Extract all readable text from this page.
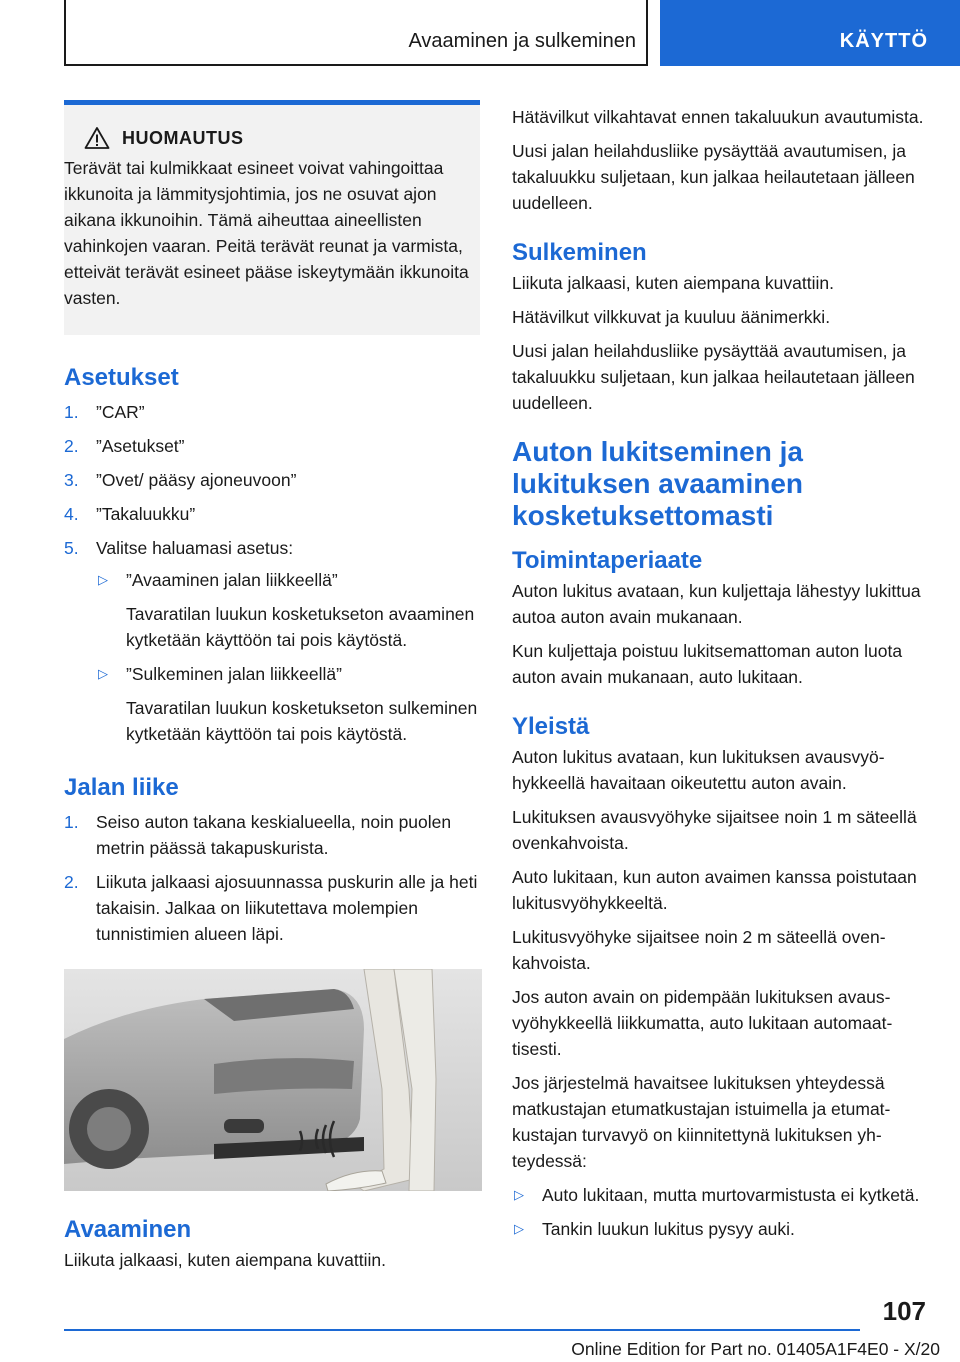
Avaaminen ja sulkeminen	KÄYTTÖ
HUOMAUTUS
Terävät tai kulmikkaat esineet voivat vahingoittaa ikkunoita ja lämmitysjohtimia, jos ne osuvat ajon aikana ikkunoihin. Tämä aiheuttaa aineellisten vahinkojen vaaran. Peitä terävät reunat ja varmista, etteivät terävät esineet pääse iskeytymään ikkunoita vasten.
Asetukset
1. ”CAR”
2. ”Asetukset”
3. ”Ovet/ pääsy ajoneuvoon”
4. ”Takaluukku”
5. Valitse haluamasi asetus:
▷	”Avaaminen jalan liikkeellä”
Tavaratilan luukun kosketukseton avaaminen kytketään käyttöön tai pois käytöstä.
▷	”Sulkeminen jalan liikkeellä”
Tavaratilan luukun kosketukseton sulkeminen kytketään käyttöön tai pois käytöstä.
Jalan liike
1. Seiso auton takana keskialueella, noin puolen metrin päässä takapuskurista.
2. Liikuta jalkaasi ajosuunnassa puskurin alle ja heti takaisin. Jalkaa on liikutettava molempien tunnistimien alueen läpi.
Avaaminen

Liikuta jalkaasi, kuten aiempana kuvattiin.

Hätävilkut vilkahtavat ennen takaluukun avautumista.

Uusi jalan heilahdusliike pysäyttää avautumisen, ja takaluukku suljetaan, kun jalkaa heilautetaan jälleen uudelleen.

Sulkeminen

Liikuta jalkaasi, kuten aiempana kuvattiin.

Hätävilkut vilkkuvat ja kuuluu äänimerkki.

Uusi jalan heilahdusliike pysäyttää avautumisen, ja takaluukku suljetaan, kun jalkaa heilautetaan jälleen uudelleen.

Auton lukitseminen ja lukituksen avaaminen kosketuksettomasti
Toimintaperiaate

Auton lukitus avataan, kun kuljettaja lähestyy lukittua autoa auton avain mukanaan.

Kun kuljettaja poistuu lukitsemattoman auton luota auton avain mukanaan, auto lukitaan.

Yleistä

Auton lukitus avataan, kun lukituksen avausvyöhykkeellä havaitaan oikeutettu auton avain.

Lukituksen avausvyöhyke sijaitsee noin 1 m säteellä ovenkahvoista.

Auto lukitaan, kun auton avaimen kanssa poistutaan lukitusvyöhykkeeltä.

Lukitusvyöhyke sijaitsee noin 2 m säteellä ovenkahvoista.

Jos auton avain on pidempään lukituksen avausvyöhykkeellä liikkumatta, auto lukitaan automaattisesti.

Jos järjestelmä havaitsee lukituksen yhteydessä matkustajan etumatkustajan istuimella ja etumatkustajan turvavyö on kiinnitettynä lukituksen yhteydessä:

▷	Auto lukitaan, mutta murtovarmistusta ei kytketä.
▷	Tankin luukun lukitus pysyy auki.
107
Online Edition for Part no. 01405A1F4E0 - X/20
